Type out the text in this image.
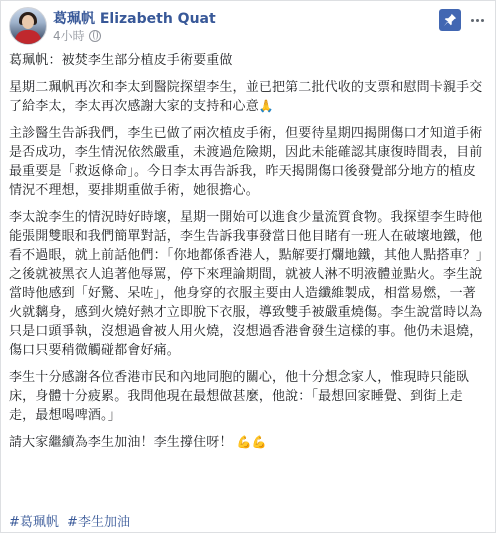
葛珮帆 Elizabeth Quat
4小時

葛珮帆：被焚李生部分植皮手術要重做

星期二珮帆再次和李太到醫院探望李生，並已把第二批代收的支票和慰問卡親手交了給李太，李太再次感謝大家的支持和心意🙏

主診醫生告訴我們，李生已做了兩次植皮手術，但要待星期四揭開傷口才知道手術是否成功，李生情況依然嚴重，未渡過危險期，因此未能確認其康復時間表，目前最重要是「救返條命」。今日李太再告訴我，昨天揭開傷口後發覺部分地方的植皮情況不理想，要排期重做手術，她很擔心。

李太說李生的情況時好時壞，星期一開始可以進食少量流質食物。我探望李生時他能張開雙眼和我們簡單對話，李生告訴我事發當日他目睹有一班人在破壞地鐵，他看不過眼，就上前話他們：「你地都係香港人，點解要打爛地鐵，其他人點搭車？」之後就被黑衣人追著他辱罵，停下來理論期間，就被人淋不明液體並點火。李生說當時他感到「好驚、呆咗」，他身穿的衣服主要由人造纖維製成，相當易燃，一著火就黐身，感到火燒好熱才立即脫下衣服，導致雙手被嚴重燒傷。李生說當時以為只是口頭爭執，沒想過會被人用火燒，沒想過香港會發生這樣的事。他仍未退燒，傷口只要稍微觸碰都會好痛。

李生十分感謝各位香港市民和內地同胞的關心，他十分想念家人，惟現時只能臥床，身體十分疲累。我問他現在最想做甚麼，他說：「最想回家睡覺、到街上走走，最想喝啤酒。」

請大家繼續為李生加油！李生撐住呀！ 💪💪

#葛珮帆 #李生加油
